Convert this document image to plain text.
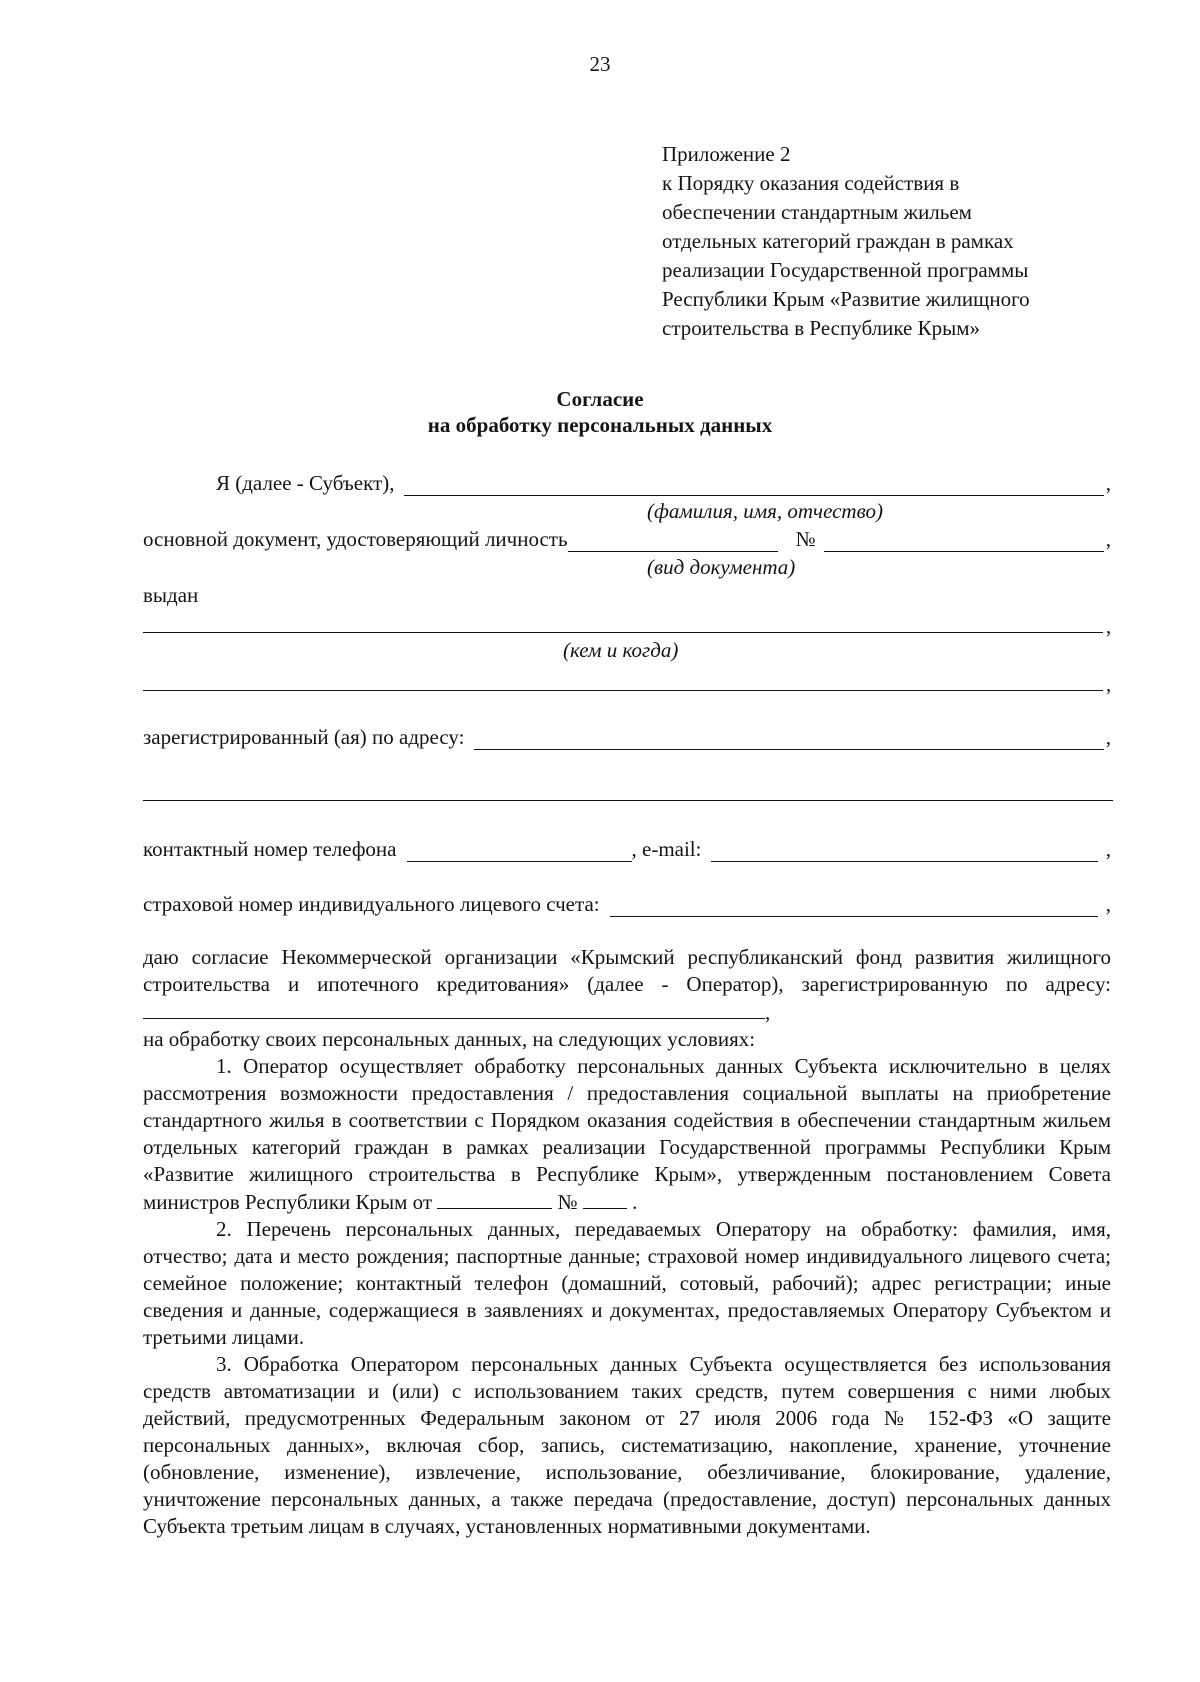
23
Приложение 2
к Порядку оказания содействия в
обеспечении стандартным жильем
отдельных категорий граждан в рамках
реализации Государственной программы
Республики Крым «Развитие жилищного
строительства в Республике Крым»
Согласие
на обработку персональных данных
Я (далее - Субъект),	,
(фамилия, имя, отчество)
основной документ, удостоверяющий личность	№	,
(вид документа)
выдан
,
(кем и когда)
,
зарегистрированный (ая) по адресу:	,
контактный номер телефона	, e-mail:	,
страховой номер индивидуального лицевого счета:	,

даю согласие Некоммерческой организации «Крымский республиканский фонд развития жилищного строительства и ипотечного кредитования» (далее - Оператор), зарегистрированную по адресу: ,

на обработку своих персональных данных, на следующих условиях:

1. Оператор осуществляет обработку персональных данных Субъекта исключительно в целях рассмотрения возможности предоставления / предоставления социальной выплаты на приобретение стандартного жилья в соответствии с Порядком оказания содействия в обеспечении стандартным жильем отдельных категорий граждан в рамках реализации Государственной программы Республики Крым «Развитие жилищного строительства в Республике Крым», утвержденным постановлением Совета министров Республики Крым от	№	.

2. Перечень персональных данных, передаваемых Оператору на обработку: фамилия, имя, отчество; дата и место рождения; паспортные данные; страховой номер индивидуального лицевого счета; семейное положение; контактный телефон (домашний, сотовый, рабочий); адрес регистрации; иные сведения и данные, содержащиеся в заявлениях и документах, предоставляемых Оператору Субъектом и третьими лицами.

3. Обработка Оператором персональных данных Субъекта осуществляется без использования средств автоматизации и (или) с использованием таких средств, путем совершения с ними любых действий, предусмотренных Федеральным законом от 27 июля 2006 года № 152-ФЗ «О защите персональных данных», включая сбор, запись, систематизацию, накопление, хранение, уточнение (обновление, изменение), извлечение, использование, обезличивание, блокирование, удаление, уничтожение персональных данных, а также передача (предоставление, доступ) персональных данных Субъекта третьим лицам в случаях, установленных нормативными документами.
